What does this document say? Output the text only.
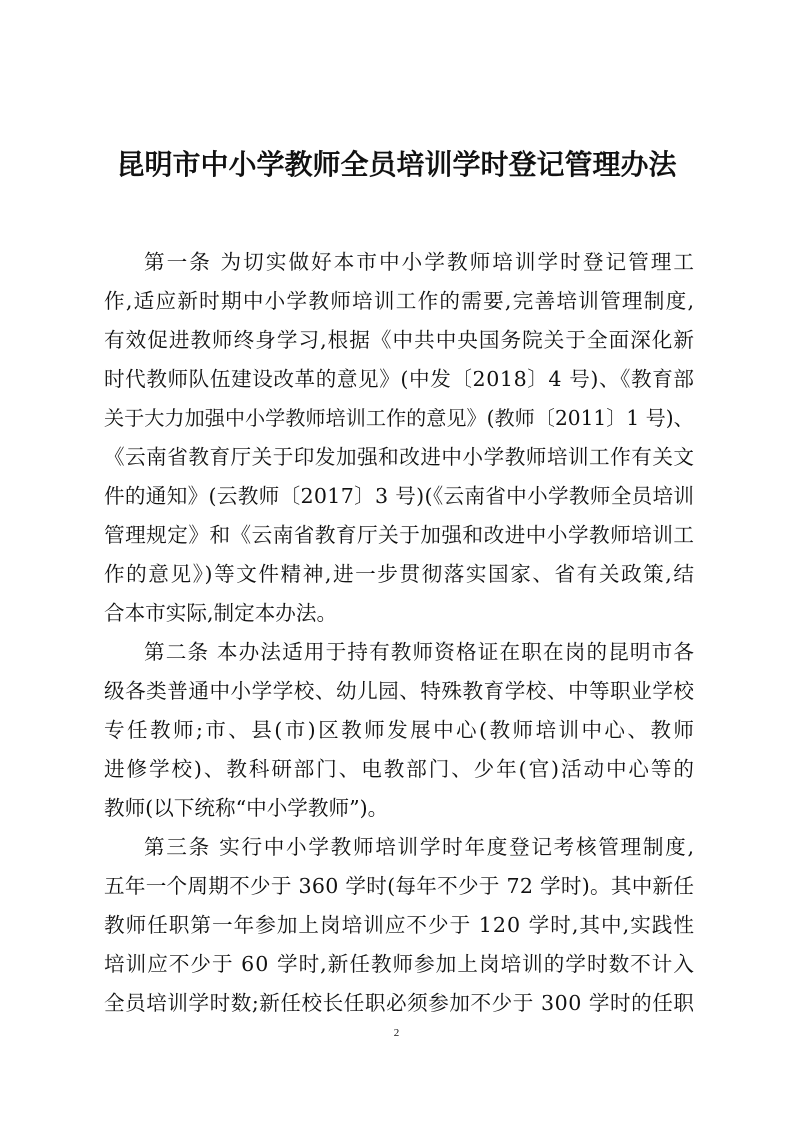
昆明市中小学教师全员培训学时登记管理办法

第一条 为切实做好本市中小学教师培训学时登记管理工

作,适应新时期中小学教师培训工作的需要,完善培训管理制度,

有效促进教师终身学习,根据《中共中央国务院关于全面深化新

时代教师队伍建设改革的意见》(中发〔2018〕4 号)、《教育部

关于大力加强中小学教师培训工作的意见》(教师〔2011〕1 号)、

《云南省教育厅关于印发加强和改进中小学教师培训工作有关文

件的通知》(云教师〔2017〕3 号)(《云南省中小学教师全员培训

管理规定》和《云南省教育厅关于加强和改进中小学教师培训工

作的意见》)等文件精神,进一步贯彻落实国家、省有关政策,结

合本市实际,制定本办法。

第二条 本办法适用于持有教师资格证在职在岗的昆明市各

级各类普通中小学学校、幼儿园、特殊教育学校、中等职业学校

专任教师;市、县(市)区教师发展中心(教师培训中心、教师

进修学校)、教科研部门、电教部门、少年(官)活动中心等的

教师(以下统称“中小学教师”)。

第三条 实行中小学教师培训学时年度登记考核管理制度,

五年一个周期不少于 360 学时(每年不少于 72 学时)。其中新任

教师任职第一年参加上岗培训应不少于 120 学时,其中,实践性

培训应不少于 60 学时,新任教师参加上岗培训的学时数不计入

全员培训学时数;新任校长任职必须参加不少于 300 学时的任职

2
